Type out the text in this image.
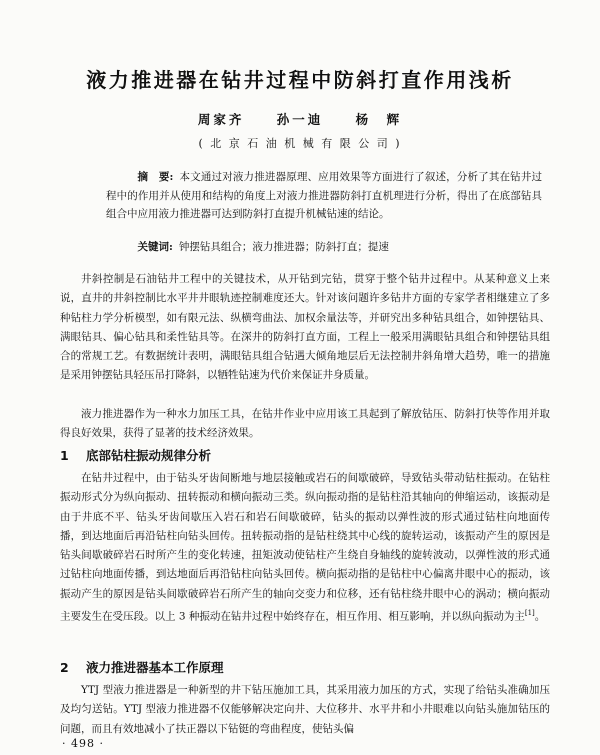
液力推进器在钻井过程中防斜打直作用浅析
周家齐	孙一迪	杨　辉
( 北 京 石 油 机 械 有 限 公 司 )
摘　要: 本文通过对液力推进器原理、应用效果等方面进行了叙述，分析了其在钻井过程中的作用并从使用和结构的角度上对液力推进器防斜打直机理进行分析，得出了在底部钻具组合中应用液力推进器可达到防斜打直提升机械钻速的结论。
关键词: 钟摆钻具组合；液力推进器；防斜打直；提速

井斜控制是石油钻井工程中的关键技术，从开钻到完钻，贯穿于整个钻井过程中。从某种意义上来说，直井的井斜控制比水平井井眼轨迹控制难度还大。针对该问题许多钻井方面的专家学者相继建立了多种钻柱力学分析模型，如有限元法、纵横弯曲法、加权余量法等，并研究出多种钻具组合，如钟摆钻具、满眼钻具、偏心钻具和柔性钻具等。在深井的防斜打直方面，工程上一般采用满眼钻具组合和钟摆钻具组合的常规工艺。有数据统计表明，满眼钻具组合钻遇大倾角地层后无法控制井斜角增大趋势，唯一的措施是采用钟摆钻具轻压吊打降斜，以牺牲钻速为代价来保证井身质量。

液力推进器作为一种水力加压工具，在钻井作业中应用该工具起到了解放钻压、防斜打快等作用并取得良好效果，获得了显著的技术经济效果。

1 底部钻柱振动规律分析

在钻井过程中，由于钻头牙齿间断地与地层接触或岩石的间歇破碎，导致钻头带动钻柱振动。在钻柱振动形式分为纵向振动、扭转振动和横向振动三类。纵向振动指的是钻柱沿其轴向的伸缩运动，该振动是由于井底不平、钻头牙齿间歇压入岩石和岩石间歇破碎，钻头的振动以弹性波的形式通过钻柱向地面传播，到达地面后再沿钻柱向钻头回传。扭转振动指的是钻柱绕其中心线的旋转运动，该振动产生的原因是钻头间歇破碎岩石时所产生的变化转速，扭矩波动使钻柱产生绕自身轴线的旋转波动，以弹性波的形式通过钻柱向地面传播，到达地面后再沿钻柱向钻头回传。横向振动指的是钻柱中心偏离井眼中心的振动，该振动产生的原因是钻头间歇破碎岩石所产生的轴向交变力和位移，还有钻柱绕井眼中心的涡动；横向振动主要发生在受压段。以上 3 种振动在钻井过程中始终存在，相互作用、相互影响，并以纵向振动为主[1]。

2 液力推进器基本工作原理

YTJ 型液力推进器是一种新型的井下钻压施加工具，其采用液力加压的方式，实现了给钻头准确加压及均匀送钻。YTJ 型液力推进器不仅能够解决定向井、大位移井、水平井和小井眼难以向钻头施加钻压的问题，而且有效地减小了扶正器以下钻铤的弯曲程度，使钻头偏

· 498 ·
